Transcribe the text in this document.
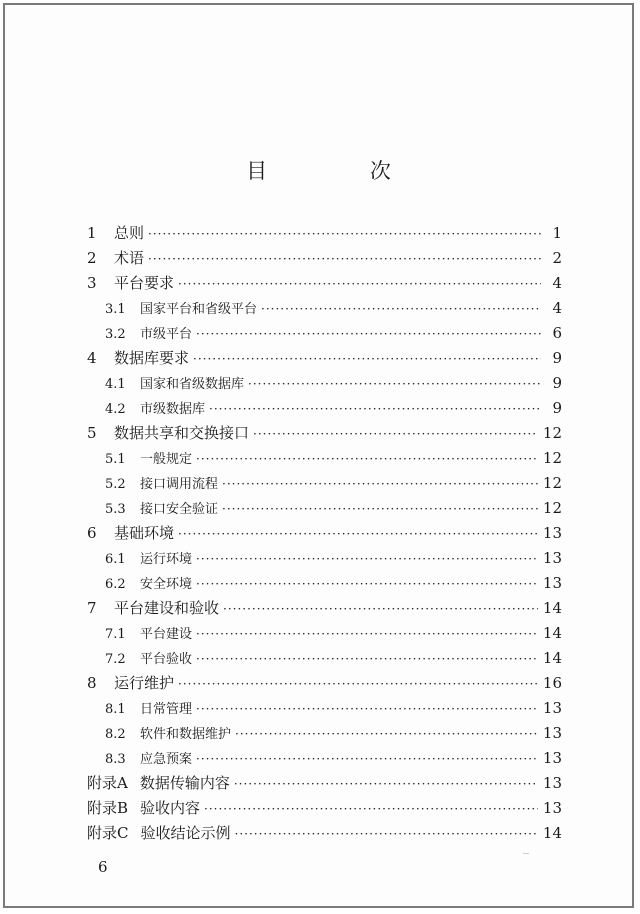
目 次
1	总则 ·····	1
2	术语 ·····	2
3	平台要求 ·····	4
3.1	国家平台和省级平台 ·····	4
3.2	市级平台 ·····	6
4	数据库要求 ·····	9
4.1	国家和省级数据库 ·····	9
4.2	市级数据库 ·····	9
5	数据共享和交换接口 ·····	12
5.1	一般规定 ·····	12
5.2	接口调用流程 ·····	12
5.3	接口安全验证 ·····	12
6	基础环境 ·····	13
6.1	运行环境 ·····	13
6.2	安全环境 ·····	13
7	平台建设和验收 ·····	14
7.1	平台建设 ·····	14
7.2	平台验收 ·····	14
8	运行维护 ·····	16
8.1	日常管理 ·····	13
8.2	软件和数据维护 ·····	13
8.3	应急预案 ·····	13
附录A 数据传输内容 ·····	13
附录B 验收内容 ·····	13
附录C 验收结论示例 ·····	14
6
